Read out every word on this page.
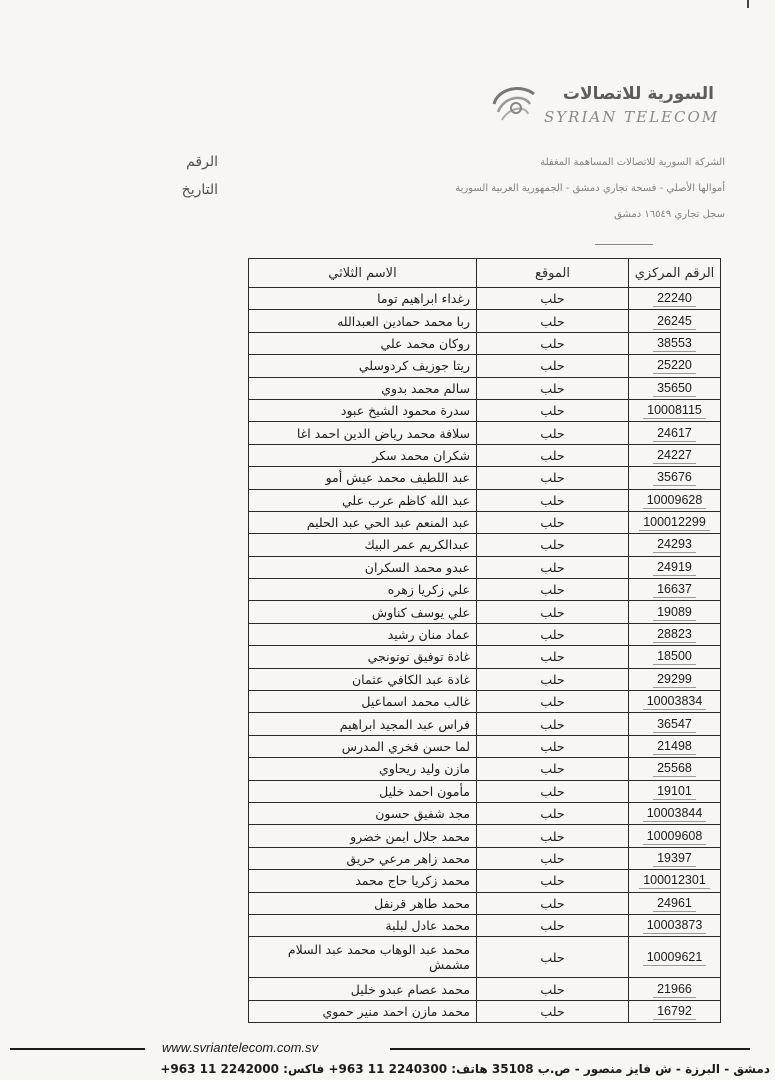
السورية للاتصالات
SYRIAN TELECOM
الشركة السورية للاتصالات المساهمة المغفلة
أموالها الأصلي - فسحة تجاري دمشق - الجمهورية العربية السورية
سجل تجاري ١٦٥٤٩ دمشق
الرقم
التاريخ
الرقم المركزي	الموقع	الاسم الثلاثي
22240	حلب	رغداء ابراهيم توما
26245	حلب	ربا محمد حمادين العبدالله
38553	حلب	روكان محمد علي
25220	حلب	ريتا جوزيف كردوسلي
35650	حلب	سالم محمد بدوي
10008115	حلب	سدرة محمود الشيخ عبود
24617	حلب	سلافة محمد رياض الدين احمد اغا
24227	حلب	شكران محمد سكر
35676	حلب	عبد اللطيف محمد عيش أمو
10009628	حلب	عبد الله كاظم عرب علي
100012299	حلب	عبد المنعم عبد الحي عبد الحليم
24293	حلب	عبدالكريم عمر البيك
24919	حلب	عبدو محمد السكران
16637	حلب	علي زكريا زهره
19089	حلب	علي يوسف كناوش
28823	حلب	عماد منان رشيد
18500	حلب	غادة توفيق توتونجي
29299	حلب	غادة عبد الكافي عثمان
10003834	حلب	غالب محمد اسماعيل
36547	حلب	فراس عبد المجيد ابراهيم
21498	حلب	لما حسن فخري المدرس
25568	حلب	مازن وليد ريحاوي
19101	حلب	مأمون احمد خليل
10003844	حلب	مجد شفيق حسون
10009608	حلب	محمد جلال ايمن خضرو
19397	حلب	محمد زاهر مرعي حريق
100012301	حلب	محمد زكريا حاج محمد
24961	حلب	محمد طاهر قرنفل
10003873	حلب	محمد عادل لبلبة
10009621	حلب	محمد عبد الوهاب محمد عبد السلام مشمش
21966	حلب	محمد عصام عبدو خليل
16792	حلب	محمد مازن احمد منير حموي
www.svriantelecom.com.sv
دمشق - البرزة - ش فايز منصور - ص.ب 35108 هاتف: 2240300 11 963+ فاكس: 2242000 11 963+
